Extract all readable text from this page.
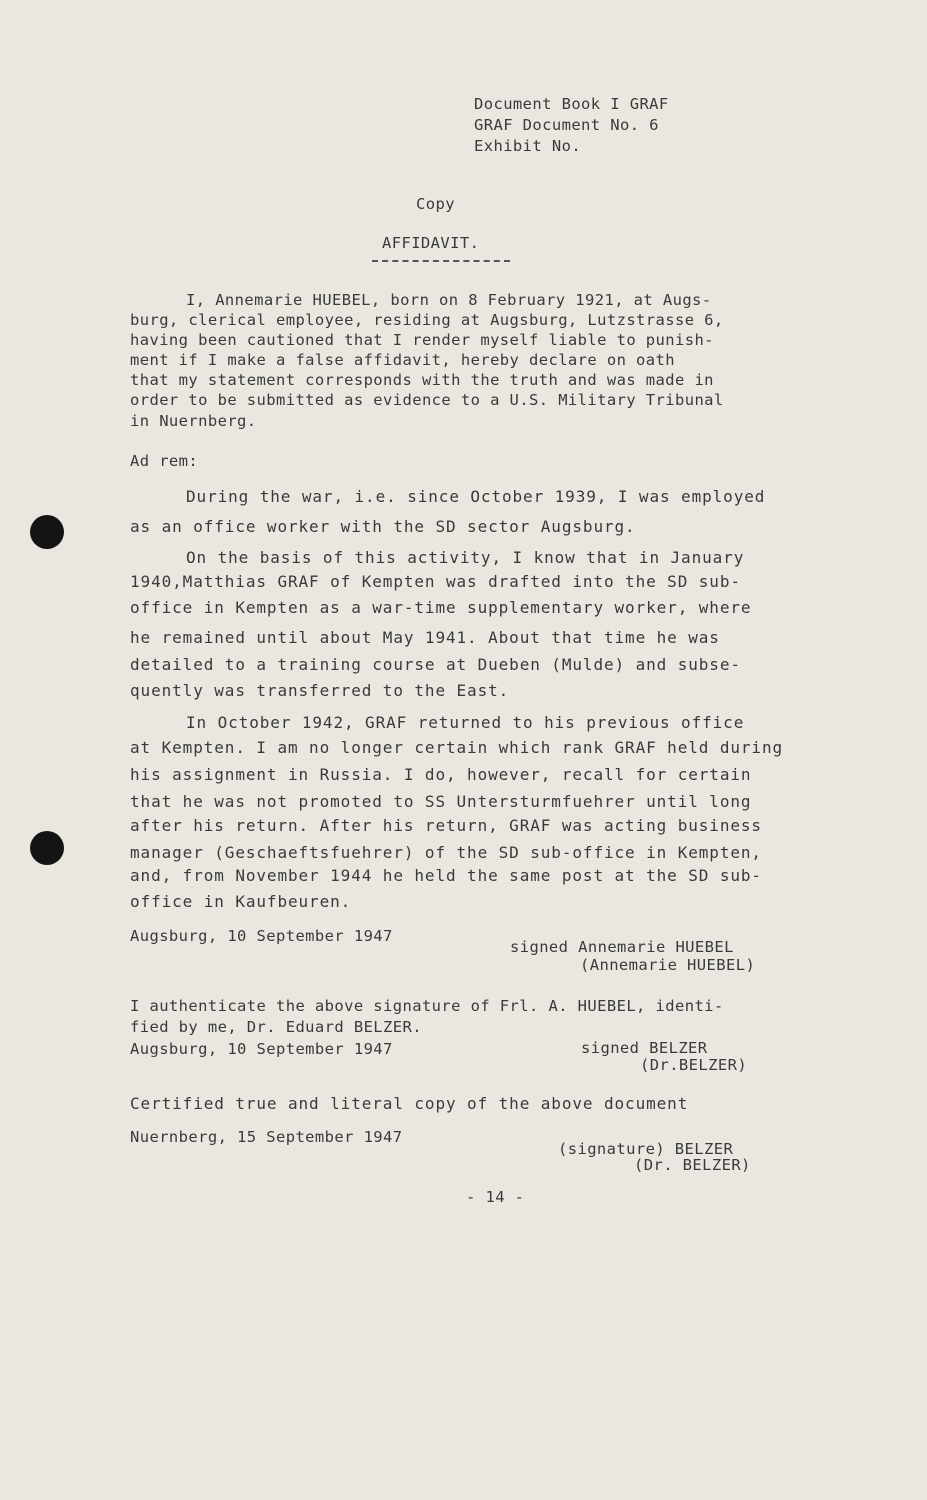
Document Book I GRAF

GRAF Document No. 6

Exhibit No.

Copy

AFFIDAVIT.

I, Annemarie HUEBEL, born on 8 February 1921, at Augs-

burg, clerical employee, residing at Augsburg, Lutzstrasse 6,

having been cautioned that I render myself liable to punish-

ment if I make a false affidavit, hereby declare on oath

that my statement corresponds with the truth and was made in

order to be submitted as evidence to a U.S. Military Tribunal

in Nuernberg.

Ad rem:

During the war, i.e. since October 1939, I was employed

as an office worker with the SD sector Augsburg.

On the basis of this activity, I know that in January

1940,Matthias GRAF of Kempten was drafted into the SD sub-

office in Kempten as a war-time supplementary worker, where

he remained until about May 1941. About that time he was

detailed to a training course at Dueben (Mulde) and subse-

quently was transferred to the East.

In October 1942, GRAF returned to his previous office

at Kempten. I am no longer certain which rank GRAF held during

his assignment in Russia. I do, however, recall for certain

that he was not promoted to SS Untersturmfuehrer until long

after his return. After his return, GRAF was acting business

manager (Geschaeftsfuehrer) of the SD sub-office in Kempten,

and, from November 1944 he held the same post at the SD sub-

office in Kaufbeuren.

Augsburg, 10 September 1947

signed Annemarie HUEBEL

(Annemarie HUEBEL)

I authenticate the above signature of Frl. A. HUEBEL, identi-

fied by me, Dr. Eduard BELZER.

Augsburg, 10 September 1947	signed BELZER

(Dr.BELZER)

Certified true and literal copy of the above document

Nuernberg, 15 September 1947

(signature) BELZER

(Dr. BELZER)

- 14 -
